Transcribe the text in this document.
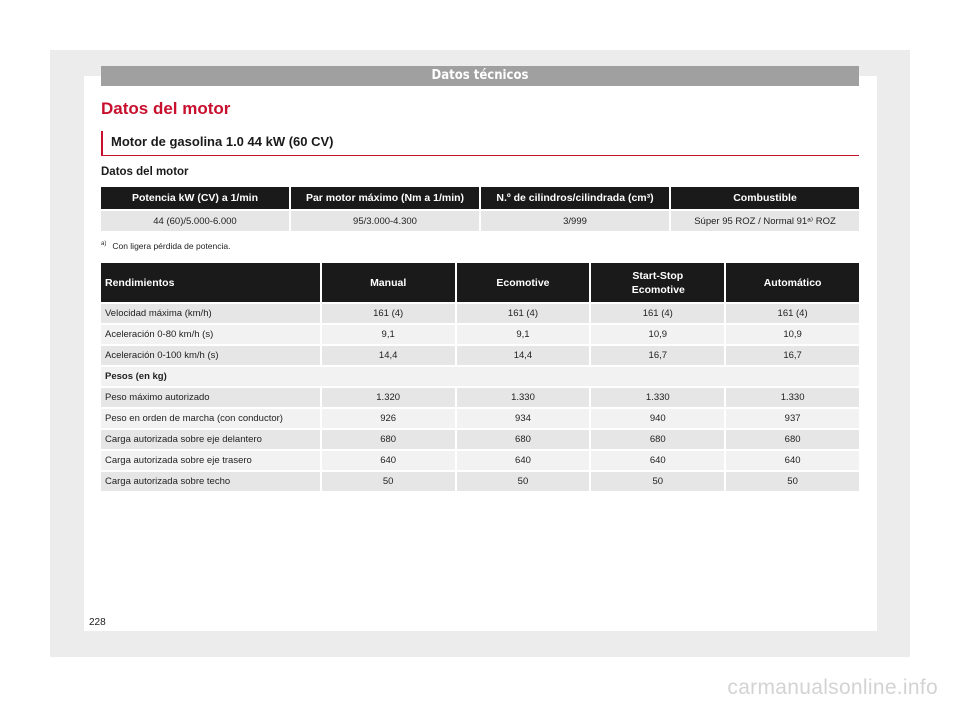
Datos técnicos
Datos del motor
Motor de gasolina 1.0 44 kW (60 CV)
Datos del motor
Potencia kW (CV) a 1/min	Par motor máximo (Nm a 1/min)	N.º de cilindros/cilindrada (cm³)	Combustible
44 (60)/5.000-6.000	95/3.000-4.300	3/999	Súper 95 ROZ / Normal 91ᵃ⁾ ROZ
$^{a)}$ Con ligera pérdida de potencia.
Rendimientos	Manual	Ecomotive	Start-Stop Ecomotive	Automático
Velocidad máxima (km/h)	161 (4)	161 (4)	161 (4)	161 (4)
Aceleración 0-80 km/h (s)	9,1	9,1	10,9	10,9
Aceleración 0-100 km/h (s)	14,4	14,4	16,7	16,7
Pesos (en kg)				
Peso máximo autorizado	1.320	1.330	1.330	1.330
Peso en orden de marcha (con conductor)	926	934	940	937
Carga autorizada sobre eje delantero	680	680	680	680
Carga autorizada sobre eje trasero	640	640	640	640
Carga autorizada sobre techo	50	50	50	50
228
carmanualsonline.info
